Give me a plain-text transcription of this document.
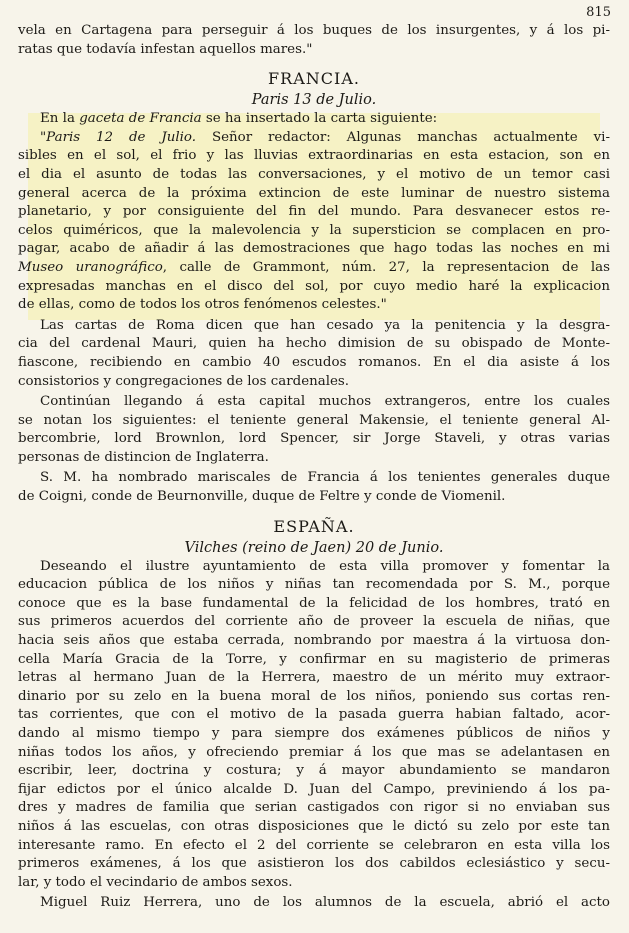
815
vela en Cartagena para perseguir á los buques de los insurgentes, y á los pi-
ratas que todavía infestan aquellos mares."
FRANCIA.
Paris 13 de Julio.
En la gaceta de Francia se ha insertado la carta siguiente:
"Paris 12 de Julio. Señor redactor: Algunas manchas actualmente vi-
sibles en el sol, el frio y las lluvias extraordinarias en esta estacion, son en
el dia el asunto de todas las conversaciones, y el motivo de un temor casi
general acerca de la próxima extincion de este luminar de nuestro sistema
planetario, y por consiguiente del fin del mundo. Para desvanecer estos re-
celos quiméricos, que la malevolencia y la supersticion se complacen en pro-
pagar, acabo de añadir á las demostraciones que hago todas las noches en mi
Museo uranográfico, calle de Grammont, núm. 27, la representacion de las
expresadas manchas en el disco del sol, por cuyo medio haré la explicacion
de ellas, como de todos los otros fenómenos celestes."
Las cartas de Roma dicen que han cesado ya la penitencia y la desgra-
cia del cardenal Mauri, quien ha hecho dimision de su obispado de Monte-
fiascone, recibiendo en cambio 40 escudos romanos. En el dia asiste á los
consistorios y congregaciones de los cardenales.
Continúan llegando á esta capital muchos extrangeros, entre los cuales
se notan los siguientes: el teniente general Makensie, el teniente general Al-
bercombrie, lord Brownlon, lord Spencer, sir Jorge Staveli, y otras varias
personas de distincion de Inglaterra.
S. M. ha nombrado mariscales de Francia á los tenientes generales duque
de Coigni, conde de Beurnonville, duque de Feltre y conde de Viomenil.
ESPAÑA.
Vilches (reino de Jaen) 20 de Junio.
Deseando el ilustre ayuntamiento de esta villa promover y fomentar la
educacion pública de los niños y niñas tan recomendada por S. M., porque
conoce que es la base fundamental de la felicidad de los hombres, trató en
sus primeros acuerdos del corriente año de proveer la escuela de niñas, que
hacia seis años que estaba cerrada, nombrando por maestra á la virtuosa don-
cella María Gracia de la Torre, y confirmar en su magisterio de primeras
letras al hermano Juan de la Herrera, maestro de un mérito muy extraor-
dinario por su zelo en la buena moral de los niños, poniendo sus cortas ren-
tas corrientes, que con el motivo de la pasada guerra habian faltado, acor-
dando al mismo tiempo y para siempre dos exámenes públicos de niños y
niñas todos los años, y ofreciendo premiar á los que mas se adelantasen en
escribir, leer, doctrina y costura; y á mayor abundamiento se mandaron
fijar edictos por el único alcalde D. Juan del Campo, previniendo á los pa-
dres y madres de familia que serian castigados con rigor si no enviaban sus
niños á las escuelas, con otras disposiciones que le dictó su zelo por este tan
interesante ramo. En efecto el 2 del corriente se celebraron en esta villa los
primeros exámenes, á los que asistieron los dos cabildos eclesiástico y secu-
lar, y todo el vecindario de ambos sexos.
Miguel Ruiz Herrera, uno de los alumnos de la escuela, abrió el acto
